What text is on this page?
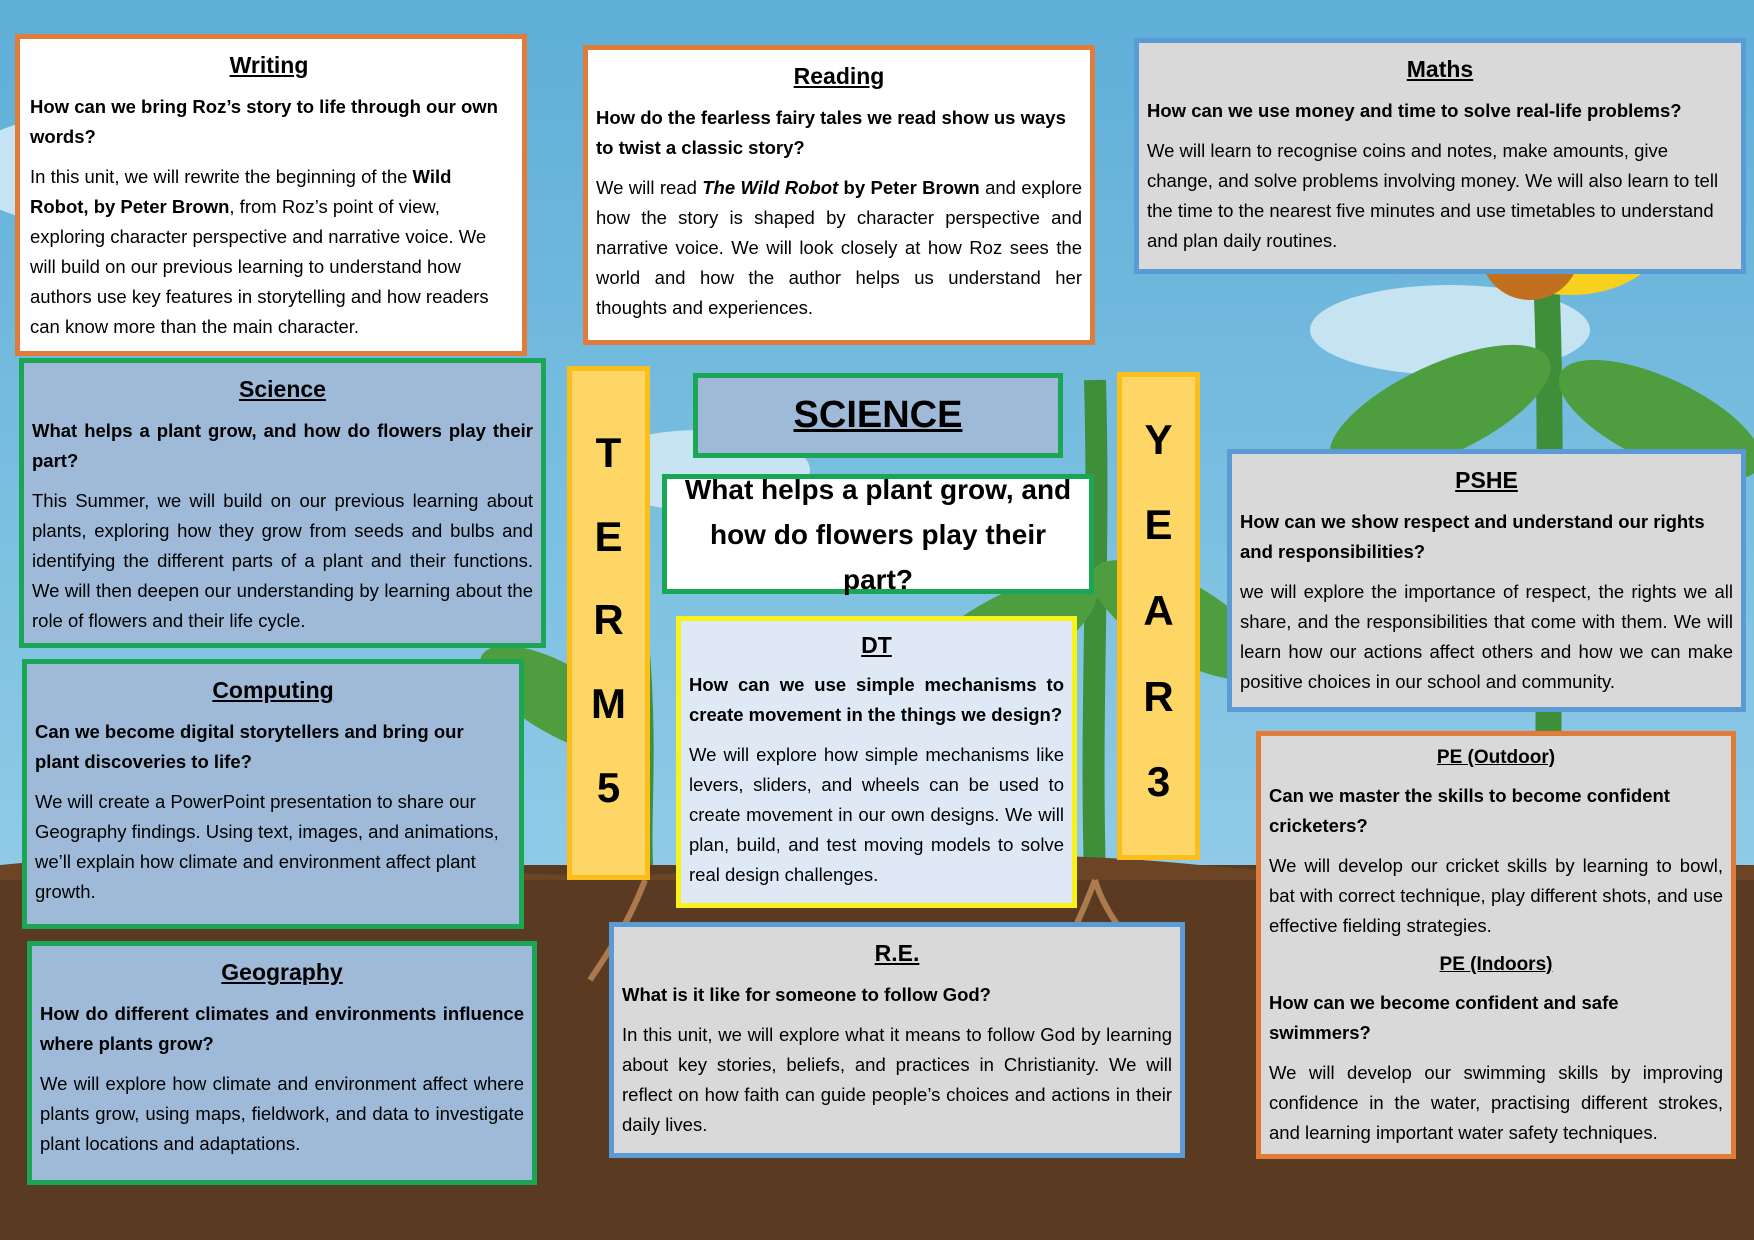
Writing

How can we bring Roz’s story to life through our own words?

In this unit, we will rewrite the beginning of the Wild Robot, by Peter Brown, from Roz’s point of view, exploring character perspective and narrative voice. We will build on our previous learning to understand how authors use key features in storytelling and how readers can know more than the main character.

Reading

How do the fearless fairy tales we read show us ways to twist a classic story?

We will read The Wild Robot by Peter Brown and explore how the story is shaped by character perspective and narrative voice. We will look closely at how Roz sees the world and how the author helps us understand her thoughts and experiences.

Maths

How can we use money and time to solve real-life problems?

We will learn to recognise coins and notes, make amounts, give change, and solve problems involving money. We will also learn to tell the time to the nearest five minutes and use timetables to understand and plan daily routines.

Science

What helps a plant grow, and how do flowers play their part?

This Summer, we will build on our previous learning about plants, exploring how they grow from seeds and bulbs and identifying the different parts of a plant and their functions. We will then deepen our understanding by learning about the role of flowers and their life cycle.

Computing

Can we become digital storytellers and bring our plant discoveries to life?

We will create a PowerPoint presentation to share our Geography findings. Using text, images, and animations, we’ll explain how climate and environment affect plant growth.

Geography

How do different climates and environments influence where plants grow?

We will explore how climate and environment affect where plants grow, using maps, fieldwork, and data to investigate plant locations and adaptations.

T
E
R
M
5
Y
E
A
R
3
SCIENCE
What helps a plant grow, and how do flowers play their part?
DT

How can we use simple mechanisms to create movement in the things we design?

We will explore how simple mechanisms like levers, sliders, and wheels can be used to create movement in our own designs. We will plan, build, and test moving models to solve real design challenges.

R.E.

What is it like for someone to follow God?

In this unit, we will explore what it means to follow God by learning about key stories, beliefs, and practices in Christianity. We will reflect on how faith can guide people’s choices and actions in their daily lives.

PSHE

How can we show respect and understand our rights and responsibilities?

we will explore the importance of respect, the rights we all share, and the responsibilities that come with them. We will learn how our actions affect others and how we can make positive choices in our school and community.

PE (Outdoor)

Can we master the skills to become confident cricketers?

We will develop our cricket skills by learning to bowl, bat with correct technique, play different shots, and use effective fielding strategies.

PE (Indoors)

How can we become confident and safe swimmers?

We will develop our swimming skills by improving confidence in the water, practising different strokes, and learning important water safety techniques.
